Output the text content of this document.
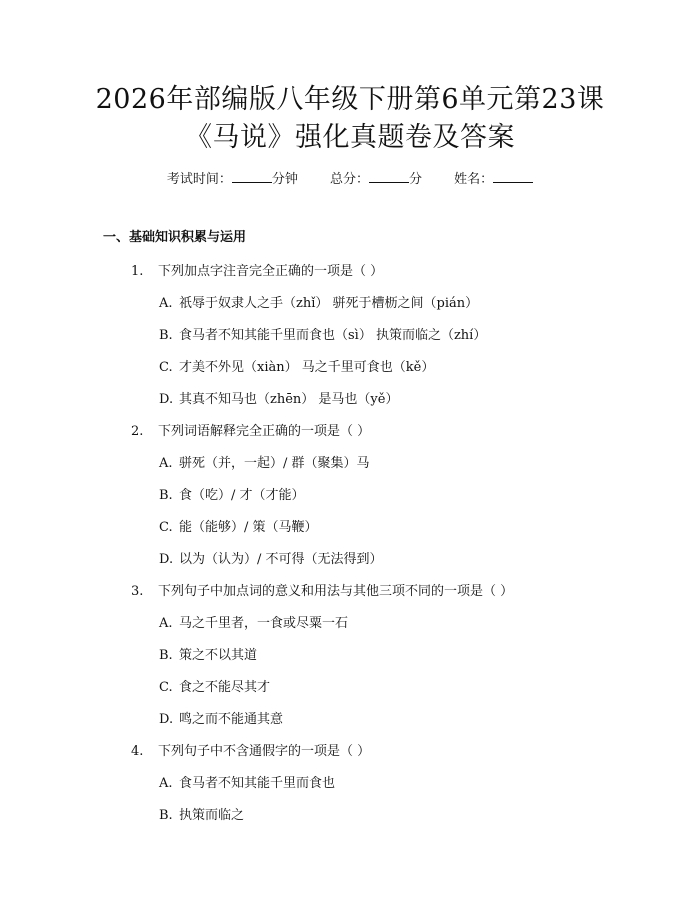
2026年部编版八年级下册第6单元第23课
《马说》强化真题卷及答案
考试时间：	分钟 总分：	分 姓名：
一、基础知识积累与运用
1. 下列加点字注音完全正确的一项是（ ）
A. 祇辱于奴隶人之手（zhǐ） 骈死于槽枥之间（pián）
B. 食马者不知其能千里而食也（sì） 执策而临之（zhí）
C. 才美不外见（xiàn） 马之千里可食也（kě）
D. 其真不知马也（zhēn） 是马也（yě）
2. 下列词语解释完全正确的一项是（ ）
A. 骈死（并，一起）/ 群（聚集）马
B. 食（吃）/ 才（才能）
C. 能（能够）/ 策（马鞭）
D. 以为（认为）/ 不可得（无法得到）
3. 下列句子中加点词的意义和用法与其他三项不同的一项是（ ）
A. 马之千里者，一食或尽粟一石
B. 策之不以其道
C. 食之不能尽其才
D. 鸣之而不能通其意
4. 下列句子中不含通假字的一项是（ ）
A. 食马者不知其能千里而食也
B. 执策而临之
